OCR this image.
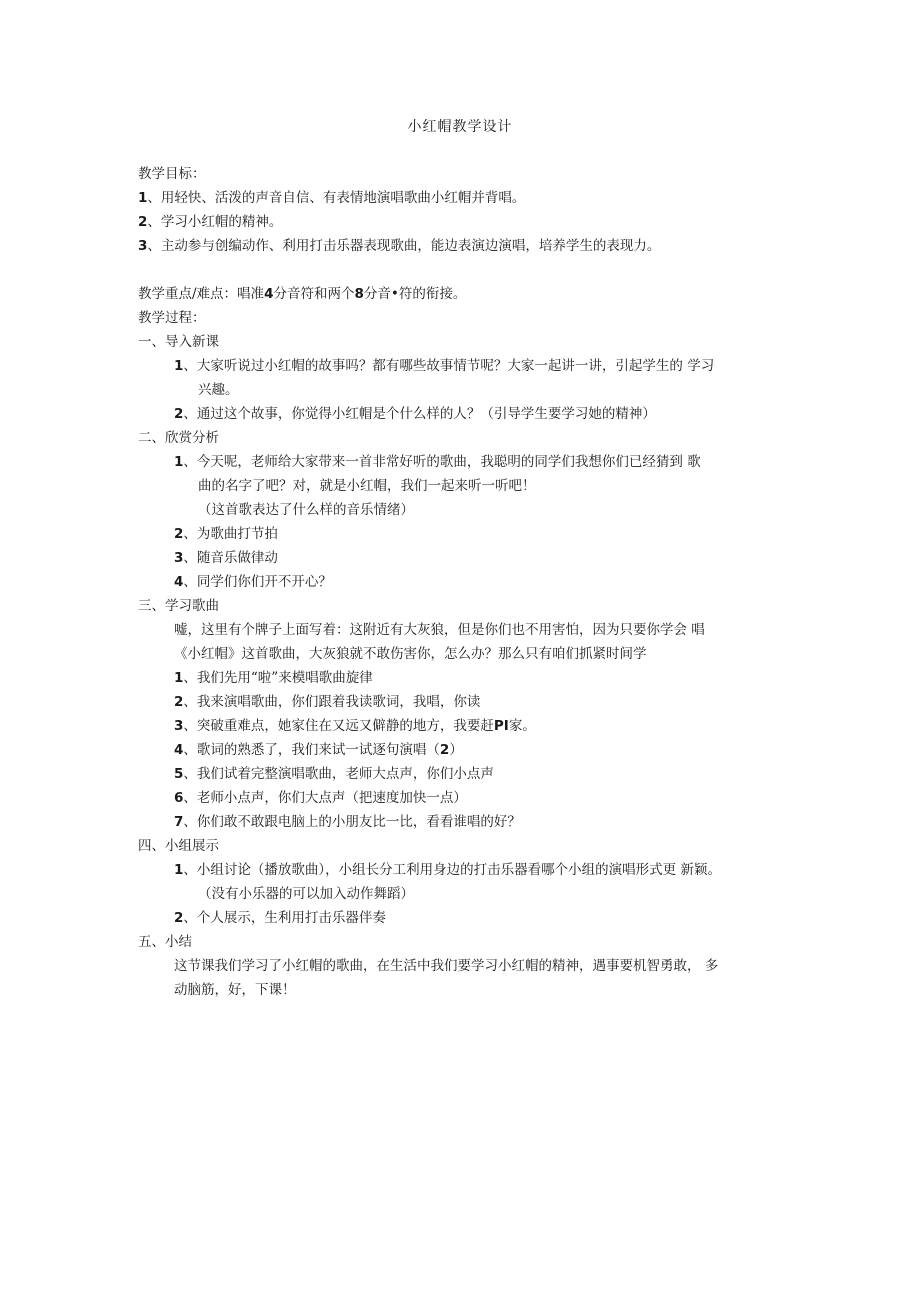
小红帽教学设计
教学目标：
1、用轻快、活泼的声音自信、有表情地演唱歌曲小红帽并背唱。
2、学习小红帽的精神。
3、主动参与创编动作、利用打击乐器表现歌曲，能边表演边演唱，培养学生的表现力。
教学重点/难点：唱准4分音符和两个8分音•符的衔接。
教学过程：
一、导入新课
1、大家听说过小红帽的故事吗？都有哪些故事情节呢？大家一起讲一讲，引起学生的 学习
兴趣。
2、通过这个故事，你觉得小红帽是个什么样的人？（引导学生要学习她的精神）
二、欣赏分析
1、今天呢，老师给大家带来一首非常好听的歌曲，我聪明的同学们我想你们已经猜到 歌
曲的名字了吧？对，就是小红帽，我们一起来听一听吧！
（这首歌表达了什么样的音乐情绪）
2、为歌曲打节拍
3、随音乐做律动
4、同学们你们开不开心？
三、学习歌曲
嘘，这里有个牌子上面写着：这附近有大灰狼，但是你们也不用害怕，因为只要你学会 唱
《小红帽》这首歌曲，大灰狼就不敢伤害你，怎么办？那么只有咱们抓紧时间学
1、我们先用“啦”来模唱歌曲旋律
2、我来演唱歌曲，你们跟着我读歌词，我唱，你读
3、突破重难点，她家住在又远又僻静的地方，我要赶PI家。
4、歌词的熟悉了，我们来试一试逐句演唱（2）
5、我们试着完整演唱歌曲，老师大点声，你们小点声
6、老师小点声，你们大点声（把速度加快一点）
7、你们敢不敢跟电脑上的小朋友比一比，看看谁唱的好？
四、小组展示
1、小组讨论（播放歌曲），小组长分工利用身边的打击乐器看哪个小组的演唱形式更 新颖。
（没有小乐器的可以加入动作舞蹈）
2、个人展示，生利用打击乐器伴奏
五、小结
这节课我们学习了小红帽的歌曲，在生活中我们要学习小红帽的精神，遇事要机智勇敢， 多
动脑筋，好，下课！
